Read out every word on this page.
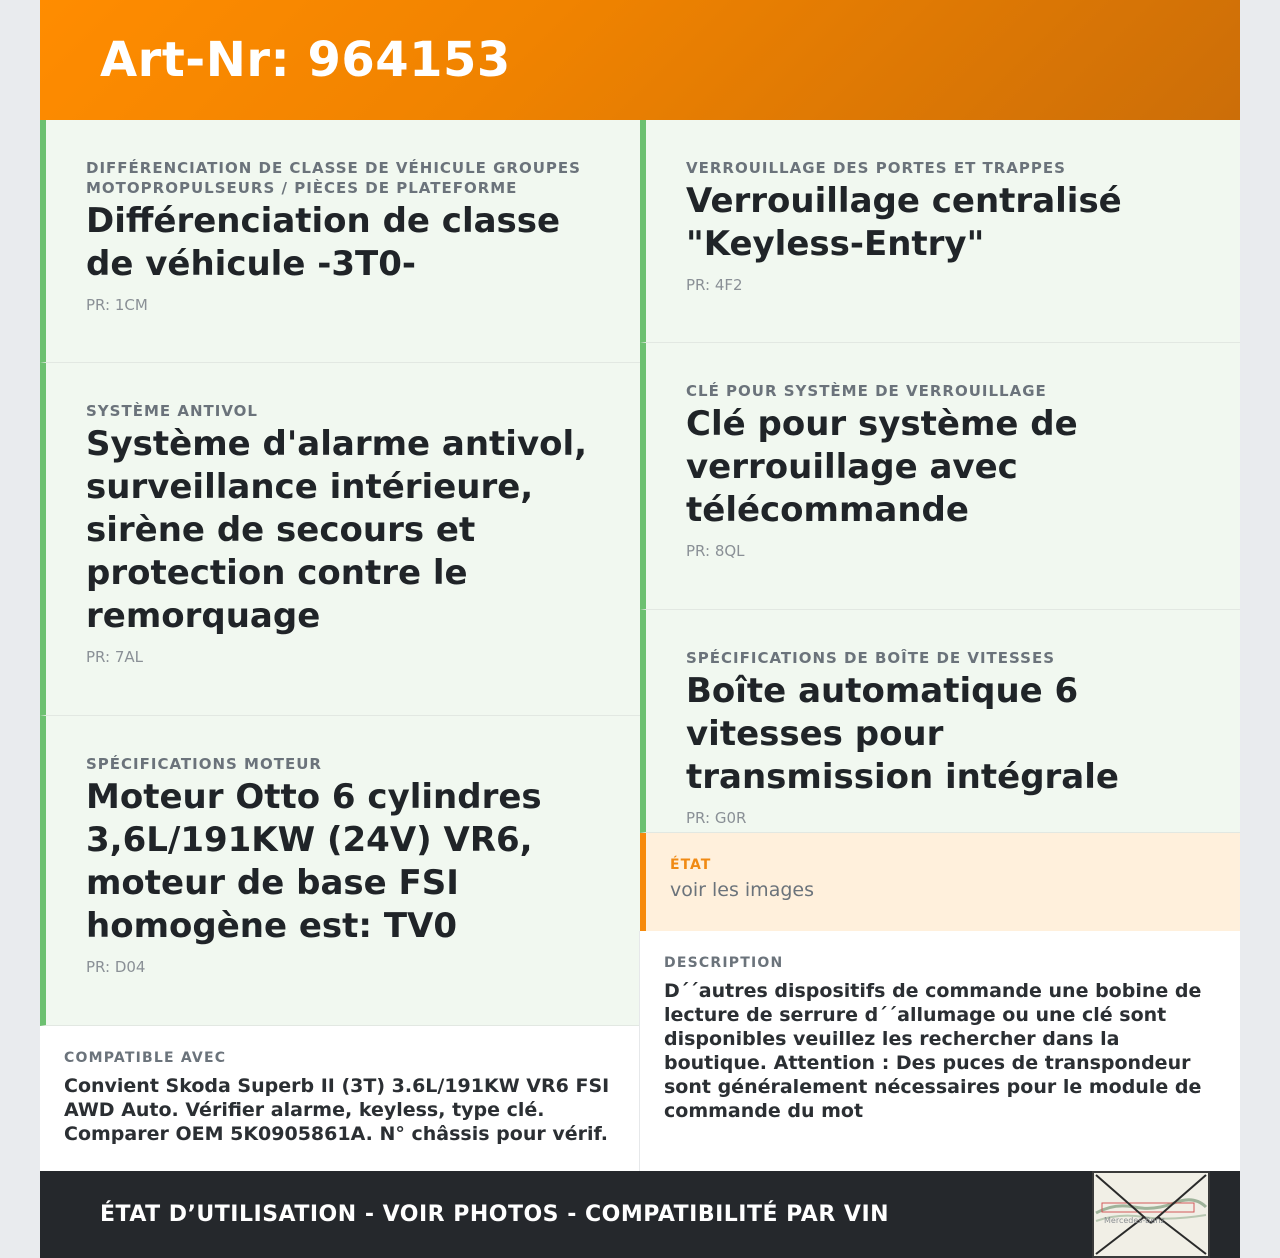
Art-Nr: 964153
DIFFÉRENCIATION DE CLASSE DE VÉHICULE GROUPES MOTOPROPULSEURS / PIÈCES DE PLATEFORME
Différenciation de classe de véhicule -3T0-
PR: 1CM
SYSTÈME ANTIVOL
Système d'alarme antivol, surveillance intérieure, sirène de secours et protection contre le remorquage
PR: 7AL
SPÉCIFICATIONS MOTEUR
Moteur Otto 6 cylindres 3,6L/191KW (24V) VR6, moteur de base FSI homogène est: TV0
PR: D04
COMPATIBLE AVEC
Convient Skoda Superb II (3T) 3.6L/191KW VR6 FSI AWD Auto. Vérifier alarme, keyless, type clé. Comparer OEM 5K0905861A. N° châssis pour vérif.
VERROUILLAGE DES PORTES ET TRAPPES
Verrouillage centralisé "Keyless-Entry"
PR: 4F2
CLÉ POUR SYSTÈME DE VERROUILLAGE
Clé pour système de verrouillage avec télécommande
PR: 8QL
SPÉCIFICATIONS DE BOÎTE DE VITESSES
Boîte automatique 6 vitesses pour transmission intégrale
PR: G0R
ÉTAT
voir les images
DESCRIPTION
D´´autres dispositifs de commande une bobine de lecture de serrure d´´allumage ou une clé sont disponibles veuillez les rechercher dans la boutique. Attention : Des puces de transpondeur sont généralement nécessaires pour le module de commande du mot
ÉTAT D’UTILISATION - VOIR PHOTOS - COMPATIBILITÉ PAR VIN	Mercedes-Benz
